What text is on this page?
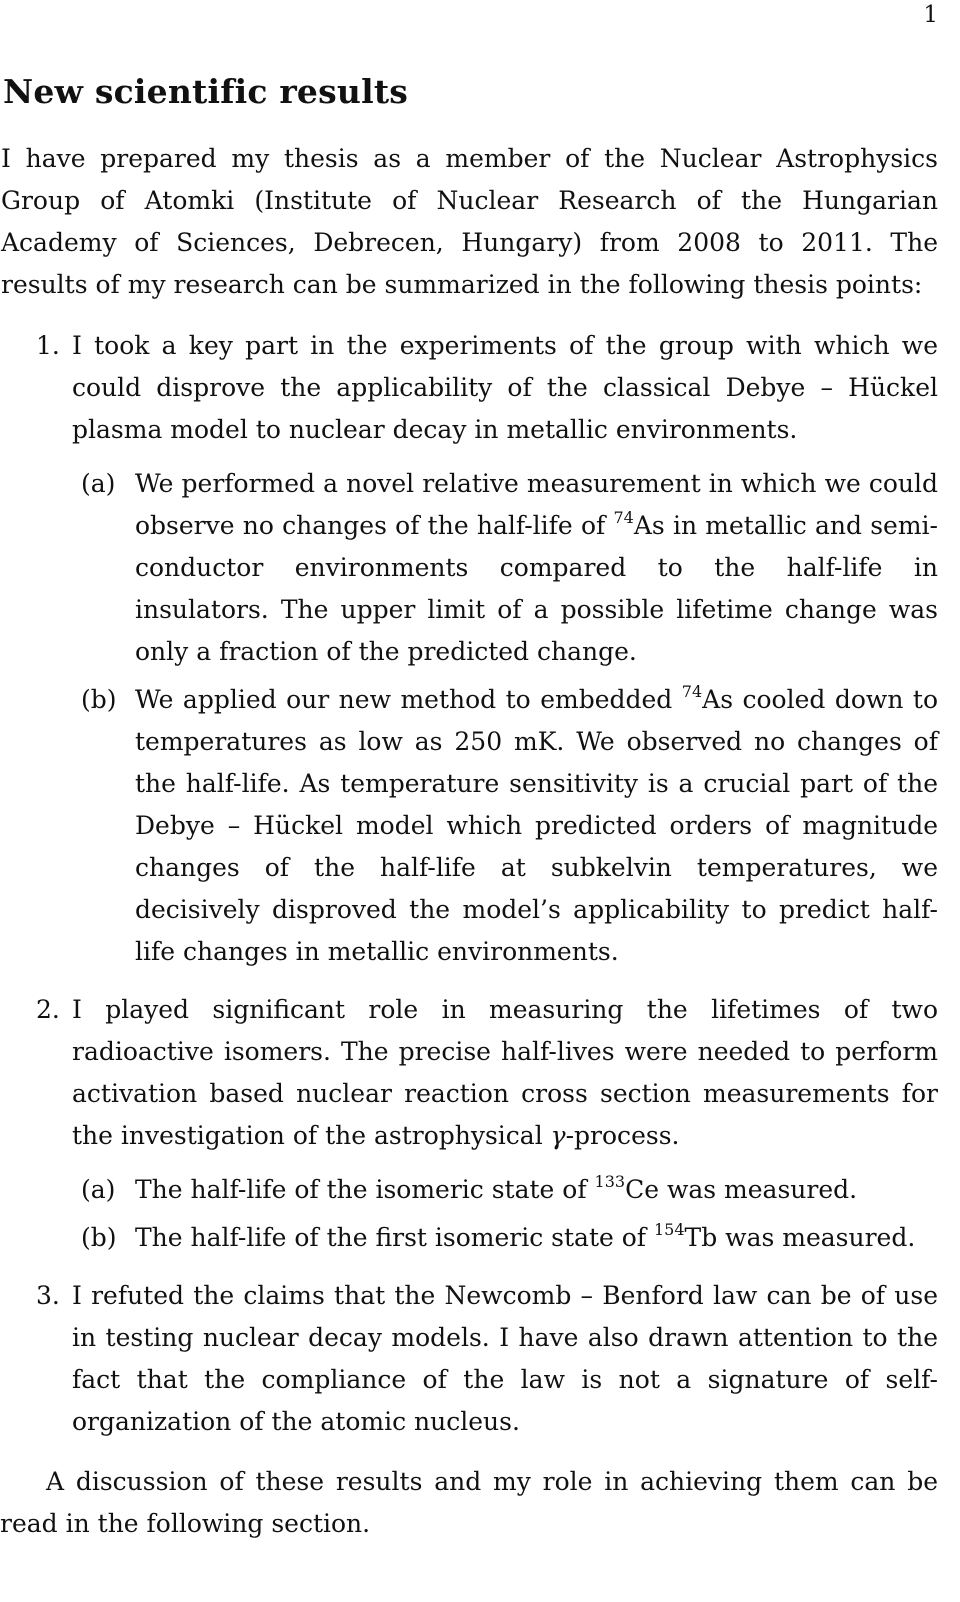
1
New scientific results

I have prepared my thesis as a member of the Nuclear Astrophysics Group of Atomki (Institute of Nuclear Research of the Hungarian Academy of Sciences, Debrecen, Hungary) from 2008 to 2011. The results of my research can be summarized in the following thesis points:

1. I took a key part in the experiments of the group with which we could disprove the applicability of the classical Debye – Hückel plasma model to nuclear decay in metallic environments.

(a) We performed a novel relative measurement in which we could observe no changes of the half-life of $^{74}$As in metallic and semi- conductor environments compared to the half-life in insulators. The upper limit of a possible lifetime change was only a fraction of the predicted change.

(b) We applied our new method to embedded $^{74}$As cooled down to temperatures as low as 250 mK. We observed no changes of the half-life. As temperature sensitivity is a crucial part of the Debye – Hückel model which predicted orders of magnitude changes of the half-life at subkelvin temperatures, we decisively disproved the model’s applicability to predict half-life changes in metallic environments.

2. I played significant role in measuring the lifetimes of two radioactive isomers. The precise half-lives were needed to perform activation based nuclear reaction cross section measurements for the investigation of the astrophysical γ-process.

(a) The half-life of the isomeric state of $^{133}$Ce was measured.

(b) The half-life of the first isomeric state of $^{154}$Tb was measured.

3. I refuted the claims that the Newcomb – Benford law can be of use in testing nuclear decay models. I have also drawn attention to the fact that the compliance of the law is not a signature of self-organization of the atomic nucleus.

A discussion of these results and my role in achieving them can be read in the following section.
